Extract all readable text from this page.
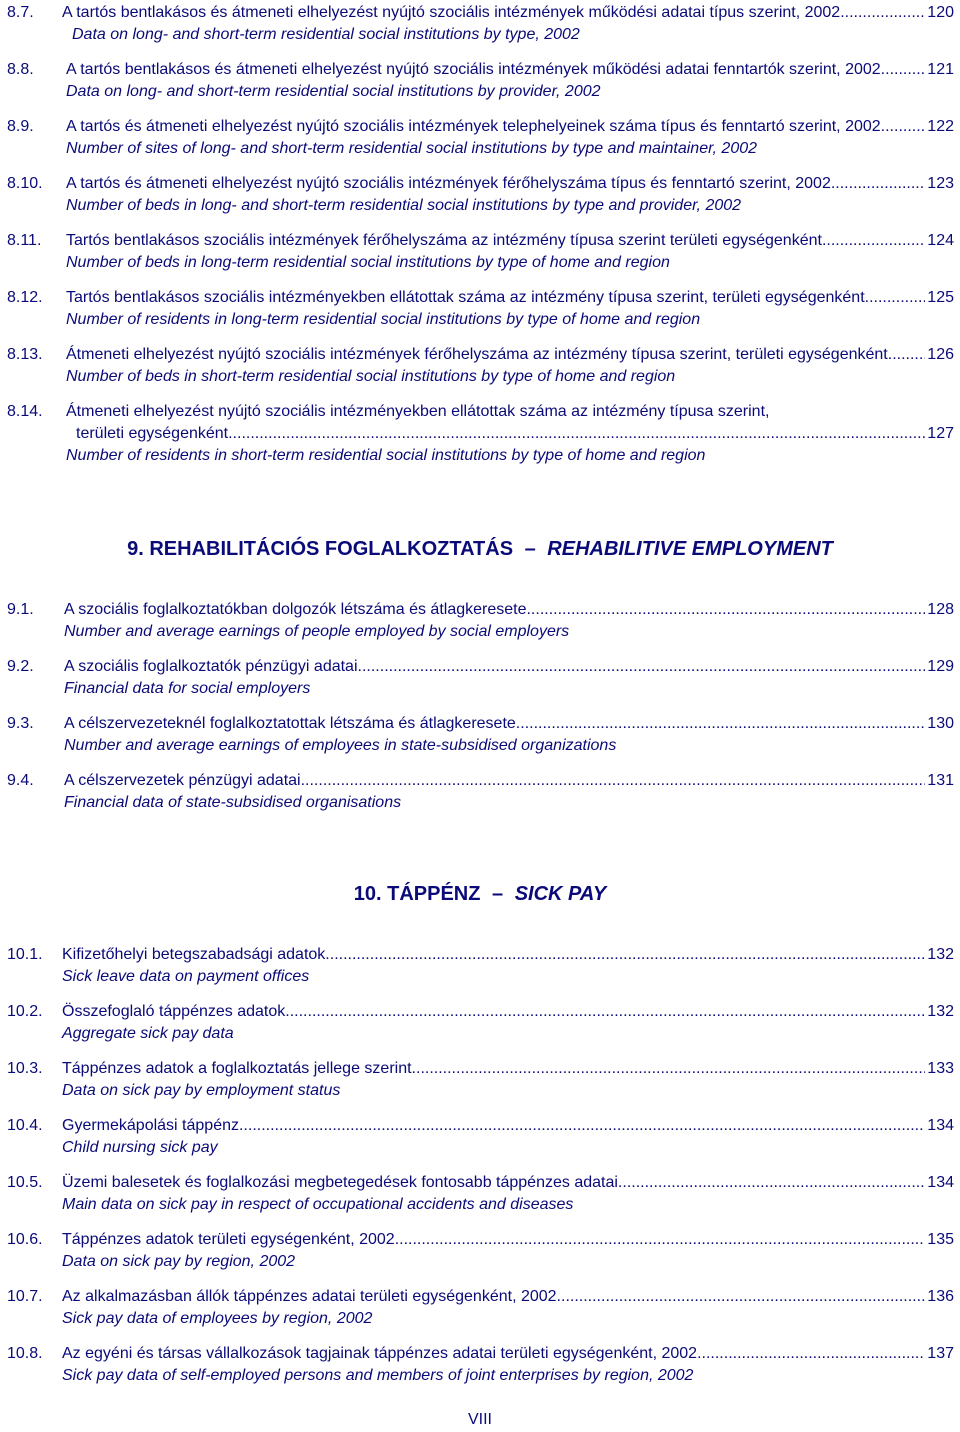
8.7. A tartós bentlakásos és átmeneti elhelyezést nyújtó szociális intézmények működési adatai típus szerint, 2002. .....	120
Data on long- and short-term residential social institutions by type, 2002
8.8. A tartós bentlakásos és átmeneti elhelyezést nyújtó szociális intézmények működési adatai fenntartók szerint, 2002 .....	121
Data on long- and short-term residential social institutions by provider, 2002
8.9. A tartós és átmeneti elhelyezést nyújtó szociális intézmények telephelyeinek száma típus és fenntartó szerint, 2002 .....	122
Number of sites of long- and short-term residential social institutions by type and maintainer, 2002
8.10. A tartós és átmeneti elhelyezést nyújtó szociális intézmények férőhelyszáma típus és fenntartó szerint, 2002 .....	123
Number of beds in long- and short-term residential social institutions by type and provider, 2002
8.11. Tartós bentlakásos szociális intézmények férőhelyszáma az intézmény típusa szerint területi egységenként .....	124
Number of beds in long-term residential social institutions by type of home and region
8.12. Tartós bentlakásos szociális intézményekben ellátottak száma az intézmény típusa szerint, területi egységenként. .....	125
Number of residents in long-term residential social institutions by type of home and region
8.13. Átmeneti elhelyezést nyújtó szociális intézmények férőhelyszáma az intézmény típusa szerint, területi egységenként. ..... 126
Number of beds in short-term residential social institutions by type of home and region
8.14. Átmeneti elhelyezést nyújtó szociális intézményekben ellátottak száma az intézmény típusa szerint,
területi egységenként .....	127
Number of residents in short-term residential social institutions by type of home and region
9. REHABILITÁCIÓS FOGLALKOZTATÁS – REHABILITIVE EMPLOYMENT
9.1. A szociális foglalkoztatókban dolgozók létszáma és átlagkeresete .....	128
Number and average earnings of people employed by social employers
9.2. A szociális foglalkoztatók pénzügyi adatai .....	129
Financial data for social employers
9.3. A célszervezeteknél foglalkoztatottak létszáma és átlagkeresete .....	130
Number and average earnings of employees in state-subsidised organizations
9.4. A célszervezetek pénzügyi adatai .....	131
Financial data of state-subsidised organisations
10. TÁPPÉNZ – SICK PAY
10.1. Kifizetőhelyi betegszabadsági adatok .....	132
Sick leave data on payment offices
10.2. Összefoglaló táppénzes adatok .....	132
Aggregate sick pay data
10.3. Táppénzes adatok a foglalkoztatás jellege szerint .....	133
Data on sick pay by employment status
10.4. Gyermekápolási táppénz .....	134
Child nursing sick pay
10.5. Üzemi balesetek és foglalkozási megbetegedések fontosabb táppénzes adatai .....	134
Main data on sick pay in respect of occupational accidents and diseases
10.6. Táppénzes adatok területi egységenként, 2002 .....	135
Data on sick pay by region, 2002
10.7. Az alkalmazásban állók táppénzes adatai területi egységenként, 2002 .....	136
Sick pay data of employees by region, 2002
10.8. Az egyéni és társas vállalkozások tagjainak táppénzes adatai területi egységenként, 2002 .....	137
Sick pay data of self-employed persons and members of joint enterprises by region, 2002
VIII
